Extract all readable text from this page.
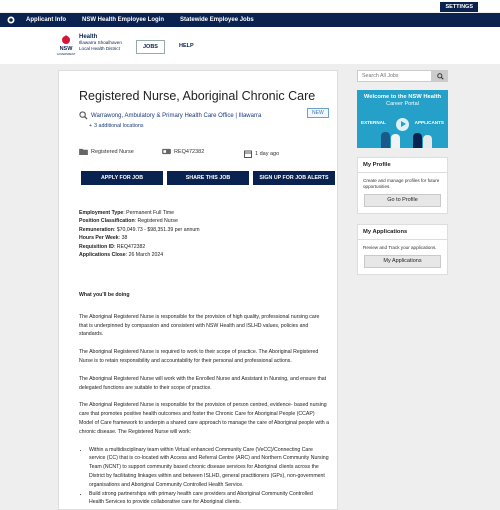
SETTINGS
Applicant Info	NSW Health Employee Login	Statewide Employee Jobs
NSW
GOVERNMENT
Health
Illawarra Shoalhaven
Local Health District	JOBS	HELP
Registered Nurse, Aboriginal Chronic Care
Warrawong, Ambulatory & Primary Health Care Office | Illawarra
+ 3 additional locations
NEW
Registered Nurse	REQ472382	1 day ago
APPLY FOR JOB	SHARE THIS JOB	SIGN UP FOR JOB ALERTS
Employment Type: Permanent Full Time
Position Classification: Registered Nurse
Remuneration: $70,049.73 - $98,351.39 per annum
Hours Per Week: 38
Requisition ID: REQ472382
Applications Close: 26 March 2024

What you'll be doing

The Aboriginal Registered Nurse is responsible for the provision of high quality, professional nursing care that is underpinned by compassion and consistent with NSW Health and ISLHD values, policies and standards.

The Aboriginal Registered Nurse is required to work to their scope of practice. The Aboriginal Registered Nurse is to retain responsibility and accountability for their personal and professional actions.

The Aboriginal Registered Nurse will work with the Enrolled Nurse and Assistant in Nursing, and ensure that delegated functions are suitable to their scope of practice.

The Aboriginal Registered Nurse is responsible for the provision of person centred, evidence- based nursing care that promotes positive health outcomes and foster the Chronic Care for Aboriginal People (CCAP) Model of Care framework to underpin a shared care approach to manage the care of Aboriginal people with a chronic disease. The Registered Nurse will work:

• Within a multidisciplinary team within Virtual enhanced Community Care (VeCC)/Connecting Care service (CC) that is co-located with Access and Referral Centre (ARC) and Northern Community Nursing Team (NCNT) to support community based chronic disease services for Aboriginal clients across the District by facilitating linkages within and between ISLHD, general practitioners (GPs), non-government organisations and Aboriginal Community Controlled Health Service.
• Build strong partnerships with primary health care providers and Aboriginal Community Controlled Health Services to provide collaborative care for Aboriginal clients.
Search All Jobs
Welcome to the NSW Health
Career Portal
EXTERNAL	APPLICANTS
My Profile
Create and manage profiles for future opportunities.
Go to Profile
My Applications
Review and Track your applications.
My Applications
